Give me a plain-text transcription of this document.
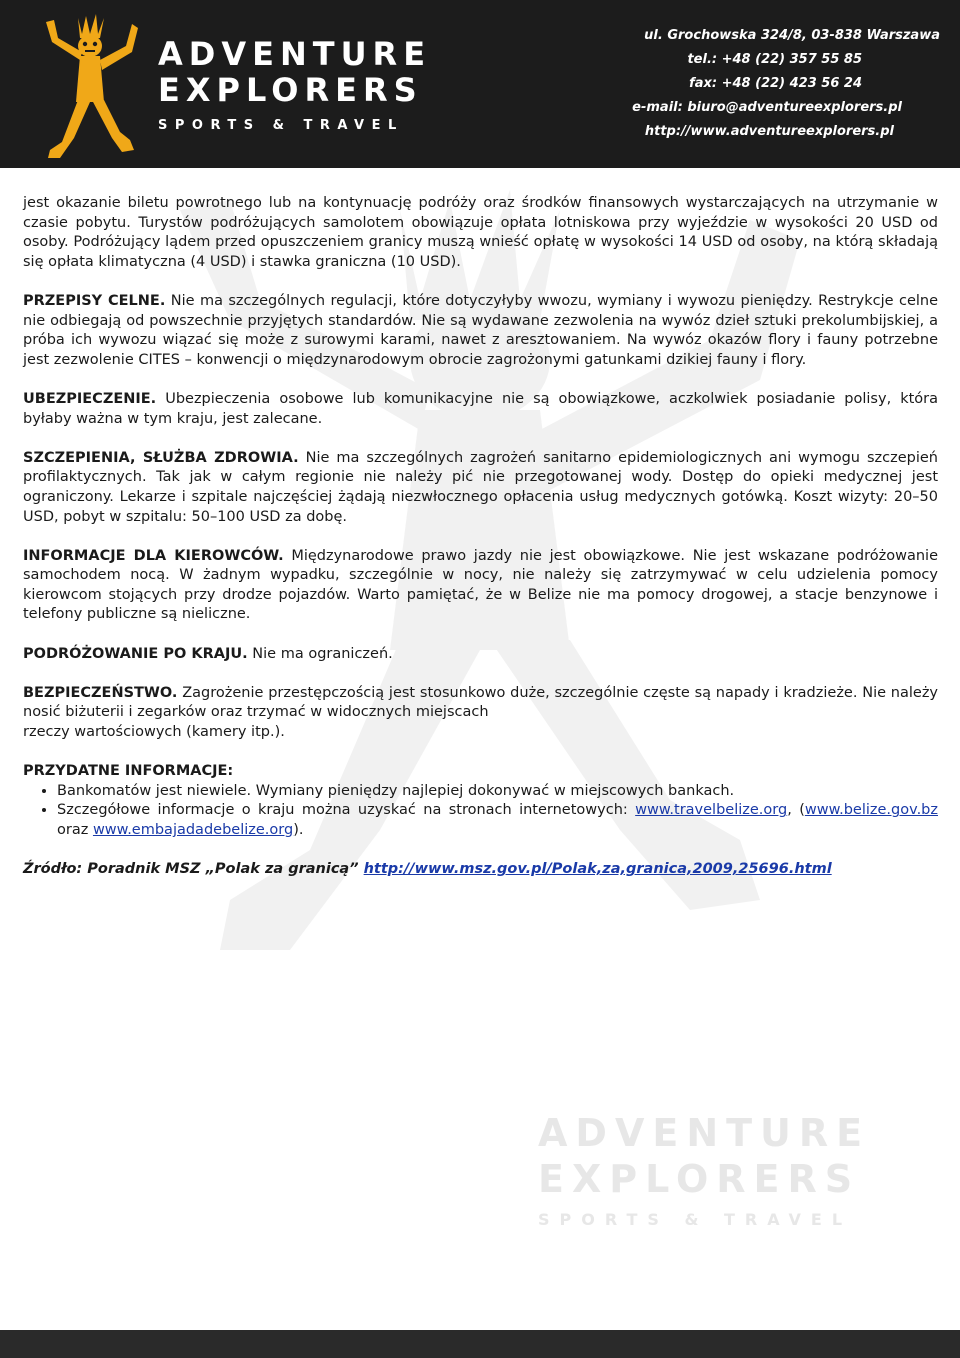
ADVENTURE
EXPLORERS
SPORTS & TRAVEL
ul. Grochowska 324/8, 03-838 Warszawa
tel.: +48 (22) 357 55 85
fax: +48 (22) 423 56 24
e-mail: biuro@adventureexplorers.pl
http://www.adventureexplorers.pl
ADVENTURE
EXPLORERS
SPORTS & TRAVEL

jest okazanie biletu powrotnego lub na kontynuację podróży oraz środków finansowych wystarczających na utrzymanie w czasie pobytu. Turystów podróżujących samolotem obowiązuje opłata lotniskowa przy wyjeździe w wysokości 20 USD od osoby. Podróżujący lądem przed opuszczeniem granicy muszą wnieść opłatę w wysokości 14 USD od osoby, na którą składają się opłata klimatyczna (4 USD) i stawka graniczna (10 USD).

PRZEPISY CELNE. Nie ma szczególnych regulacji, które dotyczyłyby wwozu, wymiany i wywozu pieniędzy. Restrykcje celne nie odbiegają od powszechnie przyjętych standardów. Nie są wydawane zezwolenia na wywóz dzieł sztuki prekolumbijskiej, a próba ich wywozu wiązać się może z surowymi karami, nawet z aresztowaniem. Na wywóz okazów flory i fauny potrzebne jest zezwolenie CITES – konwencji o międzynarodowym obrocie zagrożonymi gatunkami dzikiej fauny i flory.

UBEZPIECZENIE. Ubezpieczenia osobowe lub komunikacyjne nie są obowiązkowe, aczkolwiek posiadanie polisy, która byłaby ważna w tym kraju, jest zalecane.

SZCZEPIENIA, SŁUŻBA ZDROWIA. Nie ma szczególnych zagrożeń sanitarno epidemiologicznych ani wymogu szczepień profilaktycznych. Tak jak w całym regionie nie należy pić nie przegotowanej wody. Dostęp do opieki medycznej jest ograniczony. Lekarze i szpitale najczęściej żądają niezwłocznego opłacenia usług medycznych gotówką. Koszt wizyty: 20–50 USD, pobyt w szpitalu: 50–100 USD za dobę.

INFORMACJE DLA KIEROWCÓW. Międzynarodowe prawo jazdy nie jest obowiązkowe. Nie jest wskazane podróżowanie samochodem nocą. W żadnym wypadku, szczególnie w nocy, nie należy się zatrzymywać w celu udzielenia pomocy kierowcom stojących przy drodze pojazdów. Warto pamiętać, że w Belize nie ma pomocy drogowej, a stacje benzynowe i telefony publiczne są nieliczne.

PODRÓŻOWANIE PO KRAJU. Nie ma ograniczeń.

BEZPIECZEŃSTWO. Zagrożenie przestępczością jest stosunkowo duże, szczególnie częste są napady i kradzieże. Nie należy nosić biżuterii i zegarków oraz trzymać w widocznych miejscach
rzeczy wartościowych (kamery itp.).

PRZYDATNE INFORMACJE:
• Bankomatów jest niewiele. Wymiany pieniędzy najlepiej dokonywać w miejscowych bankach.
• Szczegółowe informacje o kraju można uzyskać na stronach internetowych: www.travelbelize.org, (www.belize.gov.bz oraz www.embajadadebelize.org).

Źródło: Poradnik MSZ „Polak za granicą” http://www.msz.gov.pl/Polak,za,granica,2009,25696.html
